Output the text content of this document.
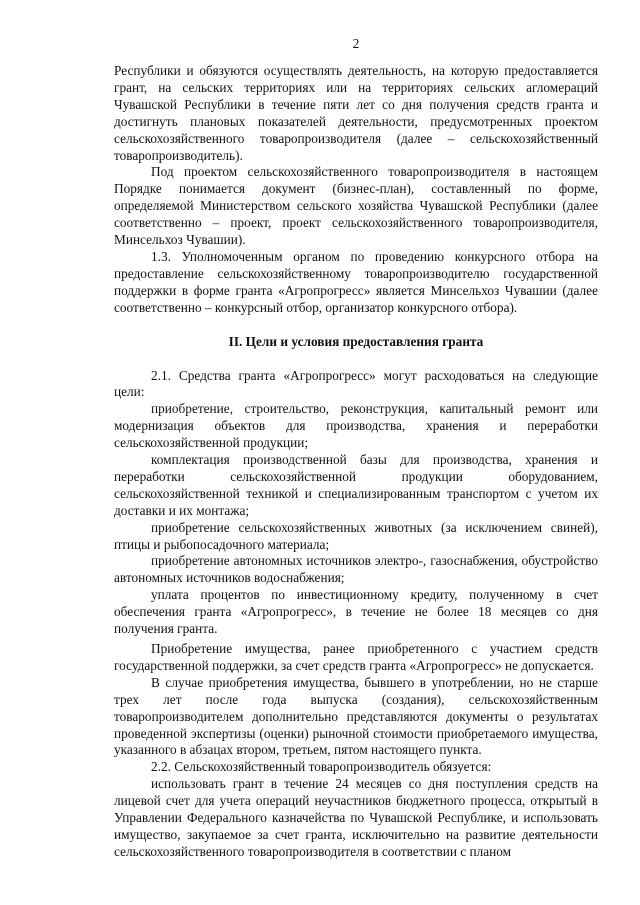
2

Республики и обязуются осуществлять деятельность, на которую предоставляется грант, на сельских территориях или на территориях сельских агломераций Чувашской Республики в течение пяти лет со дня получения средств гранта и достигнуть плановых показателей деятельности, предусмотренных проектом сельскохозяйственного товаропроизводителя (далее – сельскохозяйственный товаропроизводитель).

Под проектом сельскохозяйственного товаропроизводителя в настоящем Порядке понимается документ (бизнес-план), составленный по форме, определяемой Министерством сельского хозяйства Чувашской Республики (далее соответственно – проект, проект сельскохозяйственного товаропроизводителя, Минсельхоз Чувашии).

1.3. Уполномоченным органом по проведению конкурсного отбора на предоставление сельскохозяйственному товаропроизводителю государственной поддержки в форме гранта «Агропрогресс» является Минсельхоз Чувашии (далее соответственно – конкурсный отбор, организатор конкурсного отбора).

II. Цели и условия предоставления гранта

2.1. Средства гранта «Агропрогресс» могут расходоваться на следующие цели:

приобретение, строительство, реконструкция, капитальный ремонт или модернизация объектов для производства, хранения и переработки сельскохозяйственной продукции;

комплектация производственной базы для производства, хранения и переработки сельскохозяйственной продукции оборудованием, сельскохозяйственной техникой и специализированным транспортом с учетом их доставки и их монтажа;

приобретение сельскохозяйственных животных (за исключением свиней), птицы и рыбопосадочного материала;

приобретение автономных источников электро-, газоснабжения, обустройство автономных источников водоснабжения;

уплата процентов по инвестиционному кредиту, полученному в счет обеспечения гранта «Агропрогресс», в течение не более 18 месяцев со дня получения гранта.

Приобретение имущества, ранее приобретенного с участием средств государственной поддержки, за счет средств гранта «Агропрогресс» не допускается.

В случае приобретения имущества, бывшего в употреблении, но не старше трех лет после года выпуска (создания), сельскохозяйственным товаропроизводителем дополнительно представляются документы о результатах проведенной экспертизы (оценки) рыночной стоимости приобретаемого имущества, указанного в абзацах втором, третьем, пятом настоящего пункта.

2.2. Сельскохозяйственный товаропроизводитель обязуется:

использовать грант в течение 24 месяцев со дня поступления средств на лицевой счет для учета операций неучастников бюджетного процесса, открытый в Управлении Федерального казначейства по Чувашской Республике, и использовать имущество, закупаемое за счет гранта, исключительно на развитие деятельности сельскохозяйственного товаропроизводителя в соответствии с планом
